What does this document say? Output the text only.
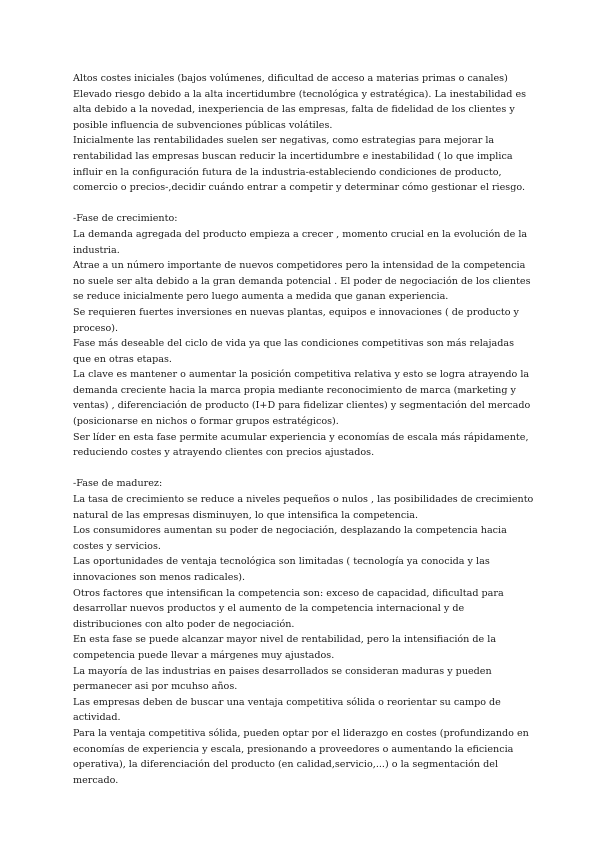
Altos costes iniciales (bajos volúmenes, dificultad de acceso a materias primas o canales)

Elevado riesgo debido a la alta incertidumbre (tecnológica y estratégica). La inestabilidad es alta debido a la novedad, inexperiencia de las empresas, falta de fidelidad de los clientes y posible influencia de subvenciones públicas volátiles.

Inicialmente las rentabilidades suelen ser negativas, como estrategias para mejorar la rentabilidad las empresas buscan reducir la incertidumbre e inestabilidad ( lo que implica influir en la configuración futura de la industria-estableciendo condiciones de producto, comercio o precios-,decidir cuándo entrar a competir y determinar cómo gestionar el riesgo.

-Fase de crecimiento:

La demanda agregada del producto empieza a crecer , momento crucial en la evolución de la industria.

Atrae a un número importante de nuevos competidores pero la intensidad de la competencia no suele ser alta debido a la gran demanda potencial . El poder de negociación de los clientes se reduce inicialmente pero luego aumenta a medida que ganan experiencia.

Se requieren fuertes inversiones en nuevas plantas, equipos e innovaciones ( de producto y proceso).

Fase más deseable del ciclo de vida ya que las condiciones competitivas son más relajadas que en otras etapas.

La clave es mantener o aumentar la posición competitiva relativa y esto se logra atrayendo la demanda creciente hacia la marca propia mediante reconocimiento de marca (marketing y ventas) , diferenciación de producto (I+D para fidelizar clientes) y segmentación del mercado (posicionarse en nichos o formar grupos estratégicos).

Ser líder en esta fase permite acumular experiencia y economías de escala más rápidamente, reduciendo costes y atrayendo clientes con precios ajustados.

-Fase de madurez:

La tasa de crecimiento se reduce a niveles pequeños o nulos , las posibilidades de crecimiento natural de las empresas disminuyen, lo que intensifica la competencia.

Los consumidores aumentan su poder de negociación, desplazando la competencia hacia costes y servicios.

Las oportunidades de ventaja tecnológica son limitadas ( tecnología ya conocida y las innovaciones son menos radicales).

Otros factores que intensifican la competencia son: exceso de capacidad, dificultad para desarrollar nuevos productos y el aumento de la competencia internacional y de distribuciones con alto poder de negociación.

En esta fase se puede alcanzar mayor nivel de rentabilidad, pero la intensifiación de la competencia puede llevar a márgenes muy ajustados.

La mayoría de las industrias en paises desarrollados se consideran maduras y pueden permanecer asi por mcuhso años.

Las empresas deben de buscar una ventaja competitiva sólida o reorientar su campo de actividad.

Para la ventaja competitiva sólida, pueden optar por el liderazgo en costes (profundizando en economías de experiencia y escala, presionando a proveedores o aumentando la eficiencia operativa), la diferenciación del producto (en calidad,servicio,...) o la segmentación del mercado.
